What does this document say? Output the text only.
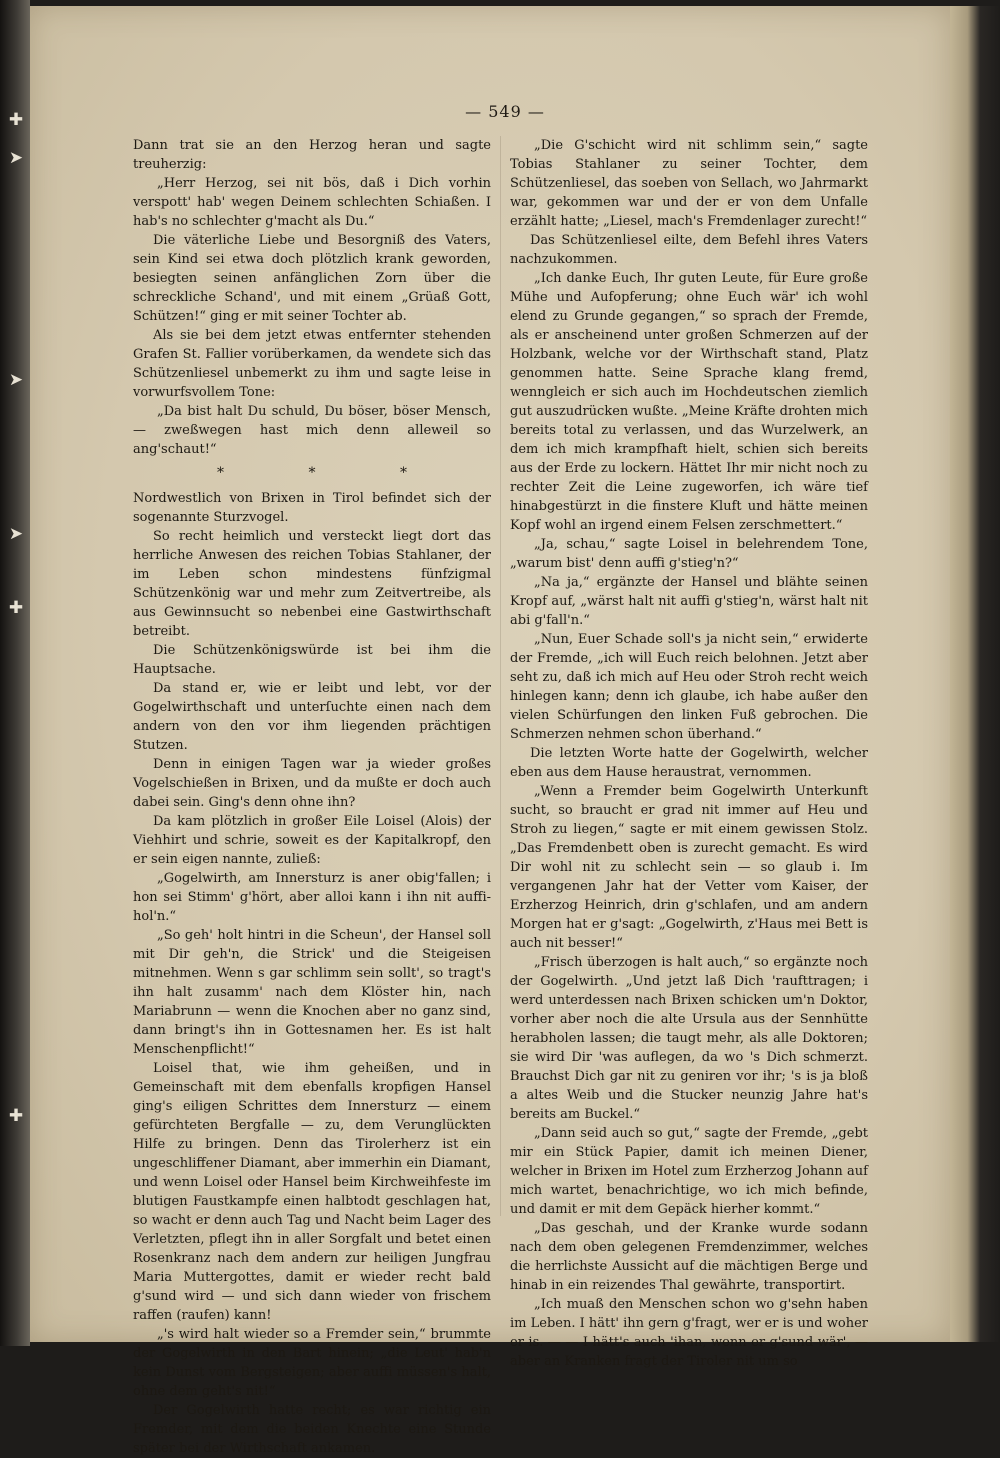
✚
➤
➤
➤
✚
✚
— 549 —

Dann trat sie an den Herzog heran und sagte treuherzig:

„Herr Herzog, sei nit bös, daß i Dich vorhin verspott' hab' wegen Deinem schlechten Schiaßen. I hab's no schlechter g'macht als Du.“

Die väterliche Liebe und Besorgniß des Vaters, sein Kind sei etwa doch plötzlich krank geworden, besiegten seinen anfänglichen Zorn über die schreckliche Schand', und mit einem „Grüaß Gott, Schützen!“ ging er mit seiner Tochter ab.

Als sie bei dem jetzt etwas entfernter stehenden Grafen St. Fallier vorüberkamen, da wendete sich das Schützenliesel unbemerkt zu ihm und sagte leise in vorwurfsvollem Tone:

„Da bist halt Du schuld, Du böser, böser Mensch, — zweßwegen hast mich denn alleweil so ang'schaut!“

* * *

Nordwestlich von Brixen in Tirol befindet sich der sogenannte Sturzvogel.

So recht heimlich und versteckt liegt dort das herrliche Anwesen des reichen Tobias Stahlaner, der im Leben schon mindestens fünfzigmal Schützenkönig war und mehr zum Zeitvertreibe, als aus Gewinnsucht so nebenbei eine Gastwirthschaft betreibt.

Die Schützenkönigswürde ist bei ihm die Hauptsache.

Da stand er, wie er leibt und lebt, vor der Gogelwirthschaft und unterſuchte einen nach dem andern von den vor ihm liegenden prächtigen Stutzen.

Denn in einigen Tagen war ja wieder großes Vogelschießen in Brixen, und da mußte er doch auch dabei sein. Ging's denn ohne ihn?

Da kam plötzlich in großer Eile Loisel (Alois) der Viehhirt und schrie, soweit es der Kapitalkropf, den er sein eigen nannte, zuließ:

„Gogelwirth, am Innersturz is aner obig'fallen; i hon sei Stimm' g'hört, aber alloi kann i ihn nit auffi-hol'n.“

„So geh' holt hintri in die Scheun', der Hansel soll mit Dir geh'n, die Strick' und die Steigeisen mitnehmen. Wenn s gar schlimm sein sollt', so tragt's ihn halt zusamm' nach dem Klöster hin, nach Mariabrunn — wenn die Knochen aber no ganz sind, dann bringt's ihn in Gottesnamen her. Es ist halt Menschenpflicht!“

Loisel that, wie ihm geheißen, und in Gemeinschaft mit dem ebenfalls kropfigen Hansel ging's eiligen Schrittes dem Innersturz — einem gefürchteten Bergfalle — zu, dem Verunglückten Hilfe zu bringen. Denn das Tirolerherz ist ein ungeschliffener Diamant, aber immerhin ein Diamant, und wenn Loisel oder Hansel beim Kirchweihfeste im blutigen Faustkampfe einen halbtodt geschlagen hat, so wacht er denn auch Tag und Nacht beim Lager des Verletzten, pflegt ihn in aller Sorgfalt und betet einen Rosenkranz nach dem andern zur heiligen Jungfrau Maria Muttergottes, damit er wieder recht bald g'sund wird — und sich dann wieder von frischem raffen (raufen) kann!

„'s wird halt wieder so a Fremder sein,“ brummte der Gogelwirth in den Bart hinein; „die Leut' hab'n kein Dunst vom Bergsteigen; aber auffi müssen's halt, ohne dem geht's nit!“

Der Gogelwirth hatte recht; es war richtig ein Fremder, mit dem die beiden Knechte eine Stunde später bei der Wirthschaft ankamen.

„Die G'schicht wird nit schlimm sein,“ sagte Tobias Stahlaner zu seiner Tochter, dem Schützenliesel, das soeben von Sellach, wo Jahrmarkt war, gekommen war und der er von dem Unfalle erzählt hatte; „Liesel, mach's Fremdenlager zurecht!“

Das Schützenliesel eilte, dem Befehl ihres Vaters nachzukommen.

„Ich danke Euch, Ihr guten Leute, für Eure große Mühe und Aufopferung; ohne Euch wär' ich wohl elend zu Grunde gegangen,“ so sprach der Fremde, als er anscheinend unter großen Schmerzen auf der Holzbank, welche vor der Wirthschaft stand, Platz genommen hatte. Seine Sprache klang fremd, wenngleich er sich auch im Hochdeutschen ziemlich gut auszudrücken wußte. „Meine Kräfte drohten mich bereits total zu verlassen, und das Wurzelwerk, an dem ich mich krampfhaft hielt, schien sich bereits aus der Erde zu lockern. Hättet Ihr mir nicht noch zu rechter Zeit die Leine zugeworfen, ich wäre tief hinabgestürzt in die finstere Kluft und hätte meinen Kopf wohl an irgend einem Felsen zerschmettert.“

„Ja, schau,“ sagte Loisel in belehrendem Tone, „warum bist' denn auffi g'stieg'n?“

„Na ja,“ ergänzte der Hansel und blähte seinen Kropf auf, „wärst halt nit auffi g'stieg'n, wärst halt nit abi g'fall'n.“

„Nun, Euer Schade soll's ja nicht sein,“ erwiderte der Fremde, „ich will Euch reich belohnen. Jetzt aber seht zu, daß ich mich auf Heu oder Stroh recht weich hinlegen kann; denn ich glaube, ich habe außer den vielen Schürfungen den linken Fuß gebrochen. Die Schmerzen nehmen schon überhand.“

Die letzten Worte hatte der Gogelwirth, welcher eben aus dem Hause heraustrat, vernommen.

„Wenn a Fremder beim Gogelwirth Unterkunft sucht, so braucht er grad nit immer auf Heu und Stroh zu liegen,“ sagte er mit einem gewissen Stolz. „Das Fremdenbett oben is zurecht gemacht. Es wird Dir wohl nit zu schlecht sein — so glaub i. Im vergangenen Jahr hat der Vetter vom Kaiser, der Erzherzog Heinrich, drin g'schlafen, und am andern Morgen hat er g'sagt: „Gogelwirth, z'Haus mei Bett is auch nit besser!“

„Frisch überzogen is halt auch,“ so ergänzte noch der Gogelwirth. „Und jetzt laß Dich 'raufttragen; i werd unterdessen nach Brixen schicken um'n Doktor, vorher aber noch die alte Ursula aus der Sennhütte herabholen lassen; die taugt mehr, als alle Doktoren; sie wird Dir 'was auflegen, da wo 's Dich schmerzt. Brauchst Dich gar nit zu geniren vor ihr; 's is ja bloß a altes Weib und die Stucker neunzig Jahre hat's bereits am Buckel.“

„Dann seid auch so gut,“ sagte der Fremde, „gebt mir ein Stück Papier, damit ich meinen Diener, welcher in Brixen im Hotel zum Erzherzog Johann auf mich wartet, benachrichtige, wo ich mich befinde, und damit er mit dem Gepäck hierher kommt.“

„Das geschah, und der Kranke wurde sodann nach dem oben gelegenen Fremdenzimmer, welches die herrlichste Aussicht auf die mächtigen Berge und hinab in ein reizendes Thal gewährte, transportirt.

„Ich muaß den Menschen schon wo g'sehn haben im Leben. I hätt' ihn gern g'fragt, wer er is und woher er is. — — I hätt's auch 'ihan, wenn er g'sund wär', — aber an Kranken fragt der Tiroler nit um so
